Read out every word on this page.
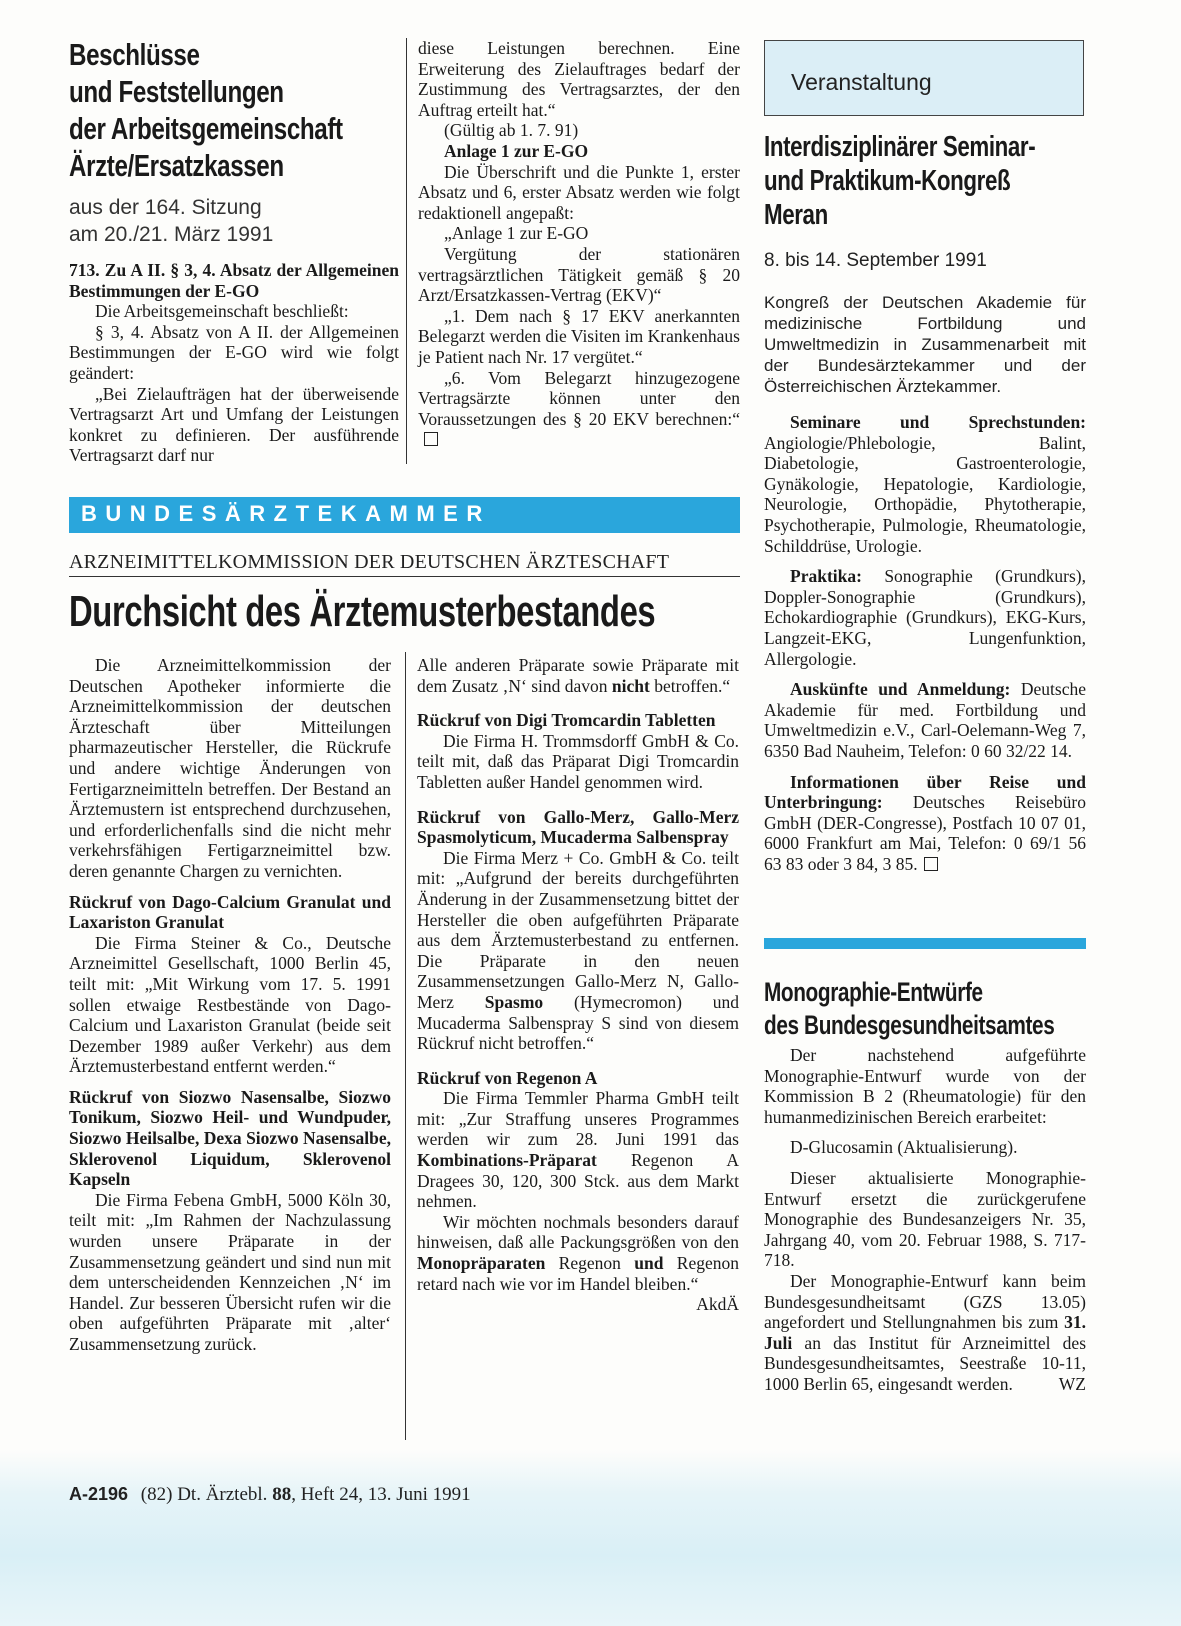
Beschlüsse
und Feststellungen
der Arbeitsgemeinschaft
Ärzte/Ersatzkassen
aus der 164. Sitzung
am 20./21. März 1991

713. Zu A II. § 3, 4. Absatz der Allgemeinen Bestimmungen der E-GO

Die Arbeitsgemeinschaft beschließt:

§ 3, 4. Absatz von A II. der Allgemeinen Bestimmungen der E-GO wird wie folgt geändert:

„Bei Zielaufträgen hat der überweisende Vertragsarzt Art und Umfang der Leistungen konkret zu definieren. Der ausführende Vertragsarzt darf nur

diese Leistungen berechnen. Eine Erweiterung des Zielauftrages bedarf der Zustimmung des Vertragsarztes, der den Auftrag erteilt hat.“

(Gültig ab 1. 7. 91)

Anlage 1 zur E-GO

Die Überschrift und die Punkte 1, erster Absatz und 6, erster Absatz werden wie folgt redaktionell angepaßt:

„Anlage 1 zur E-GO

Vergütung der stationären vertragsärztlichen Tätigkeit gemäß § 20 Arzt/Ersatzkassen-Vertrag (EKV)“

„1. Dem nach § 17 EKV anerkannten Belegarzt werden die Visiten im Krankenhaus je Patient nach Nr. 17 vergütet.“

„6. Vom Belegarzt hinzugezogene Vertragsärzte können unter den Voraussetzungen des § 20 EKV berechnen:“

BUNDESÄRZTEKAMMER
ARZNEIMITTELKOMMISSION DER DEUTSCHEN ÄRZTESCHAFT
Durchsicht des Ärztemusterbestandes

Die Arzneimittelkommission der Deutschen Apotheker informierte die Arzneimittelkommission der deutschen Ärzteschaft über Mitteilungen pharmazeutischer Hersteller, die Rückrufe und andere wichtige Änderungen von Fertigarzneimitteln betreffen. Der Bestand an Ärztemustern ist entsprechend durchzusehen, und erforderlichenfalls sind die nicht mehr verkehrsfähigen Fertigarzneimittel bzw. deren genannte Chargen zu vernichten.

Rückruf von Dago-Calcium Granulat und Laxariston Granulat

Die Firma Steiner & Co., Deutsche Arzneimittel Gesellschaft, 1000 Berlin 45, teilt mit: „Mit Wirkung vom 17. 5. 1991 sollen etwaige Restbestände von Dago-Calcium und Laxariston Granulat (beide seit Dezember 1989 außer Verkehr) aus dem Ärztemusterbestand entfernt werden.“

Rückruf von Siozwo Nasensalbe, Siozwo Tonikum, Siozwo Heil- und Wundpuder, Siozwo Heilsalbe, Dexa Siozwo Nasensalbe, Sklerovenol Liquidum, Sklerovenol Kapseln

Die Firma Febena GmbH, 5000 Köln 30, teilt mit: „Im Rahmen der Nachzulassung wurden unsere Präparate in der Zusammensetzung geändert und sind nun mit dem unterscheidenden Kennzeichen ‚N‘ im Handel. Zur besseren Übersicht rufen wir die oben aufgeführten Präparate mit ‚alter‘ Zusammensetzung zurück.

Alle anderen Präparate sowie Präparate mit dem Zusatz ‚N‘ sind davon nicht betroffen.“

Rückruf von Digi Tromcardin Tabletten

Die Firma H. Trommsdorff GmbH & Co. teilt mit, daß das Präparat Digi Tromcardin Tabletten außer Handel genommen wird.

Rückruf von Gallo-Merz, Gallo-Merz Spasmolyticum, Mucaderma Salbenspray

Die Firma Merz + Co. GmbH & Co. teilt mit: „Aufgrund der bereits durchgeführten Änderung in der Zusammensetzung bittet der Hersteller die oben aufgeführten Präparate aus dem Ärztemusterbestand zu entfernen. Die Präparate in den neuen Zusammensetzungen Gallo-Merz N, Gallo-Merz Spasmo (Hymecromon) und Mucaderma Salbenspray S sind von diesem Rückruf nicht betroffen.“

Rückruf von Regenon A

Die Firma Temmler Pharma GmbH teilt mit: „Zur Straffung unseres Programmes werden wir zum 28. Juni 1991 das Kombinations-Präparat Regenon A Dragees 30, 120, 300 Stck. aus dem Markt nehmen.

Wir möchten nochmals besonders darauf hinweisen, daß alle Packungsgrößen von den Monopräparaten Regenon und Regenon retard nach wie vor im Handel bleiben.“
AkdÄ

Veranstaltung
Interdisziplinärer Seminar-
und Praktikum-Kongreß
Meran
8. bis 14. September 1991
Kongreß der Deutschen Akademie für medizinische Fortbildung und Umweltmedizin in Zusammenarbeit mit der Bundesärztekammer und der Österreichischen Ärztekammer.

Seminare und Sprechstunden: Angiologie/Phlebologie, Balint, Diabetologie, Gastroenterologie, Gynäkologie, Hepatologie, Kardiologie, Neurologie, Orthopädie, Phytotherapie, Psychotherapie, Pulmologie, Rheumatologie, Schilddrüse, Urologie.

Praktika: Sonographie (Grundkurs), Doppler-Sonographie (Grundkurs), Echokardiographie (Grundkurs), EKG-Kurs, Langzeit-EKG, Lungenfunktion, Allergologie.

Auskünfte und Anmeldung: Deutsche Akademie für med. Fortbildung und Umweltmedizin e.V., Carl-Oelemann-Weg 7, 6350 Bad Nauheim, Telefon: 0 60 32/22 14.

Informationen über Reise und Unterbringung: Deutsches Reisebüro GmbH (DER-Congresse), Postfach 10 07 01, 6000 Frankfurt am Mai, Telefon: 0 69/1 56 63 83 oder 3 84, 3 85.

Monographie-Entwürfe
des Bundesgesundheitsamtes

Der nachstehend aufgeführte Monographie-Entwurf wurde von der Kommission B 2 (Rheumatologie) für den humanmedizinischen Bereich erarbeitet:

D-Glucosamin (Aktualisierung).

Dieser aktualisierte Monographie-Entwurf ersetzt die zurückgerufene Monographie des Bundesanzeigers Nr. 35, Jahrgang 40, vom 20. Februar 1988, S. 717-718.

Der Monographie-Entwurf kann beim Bundesgesundheitsamt (GZS 13.05) angefordert und Stellungnahmen bis zum 31. Juli an das Institut für Arzneimittel des Bundesgesundheitsamtes, Seestraße 10-11, 1000 Berlin 65, eingesandt werden.	WZ

A-2196 (82) Dt. Ärztebl. 88, Heft 24, 13. Juni 1991
